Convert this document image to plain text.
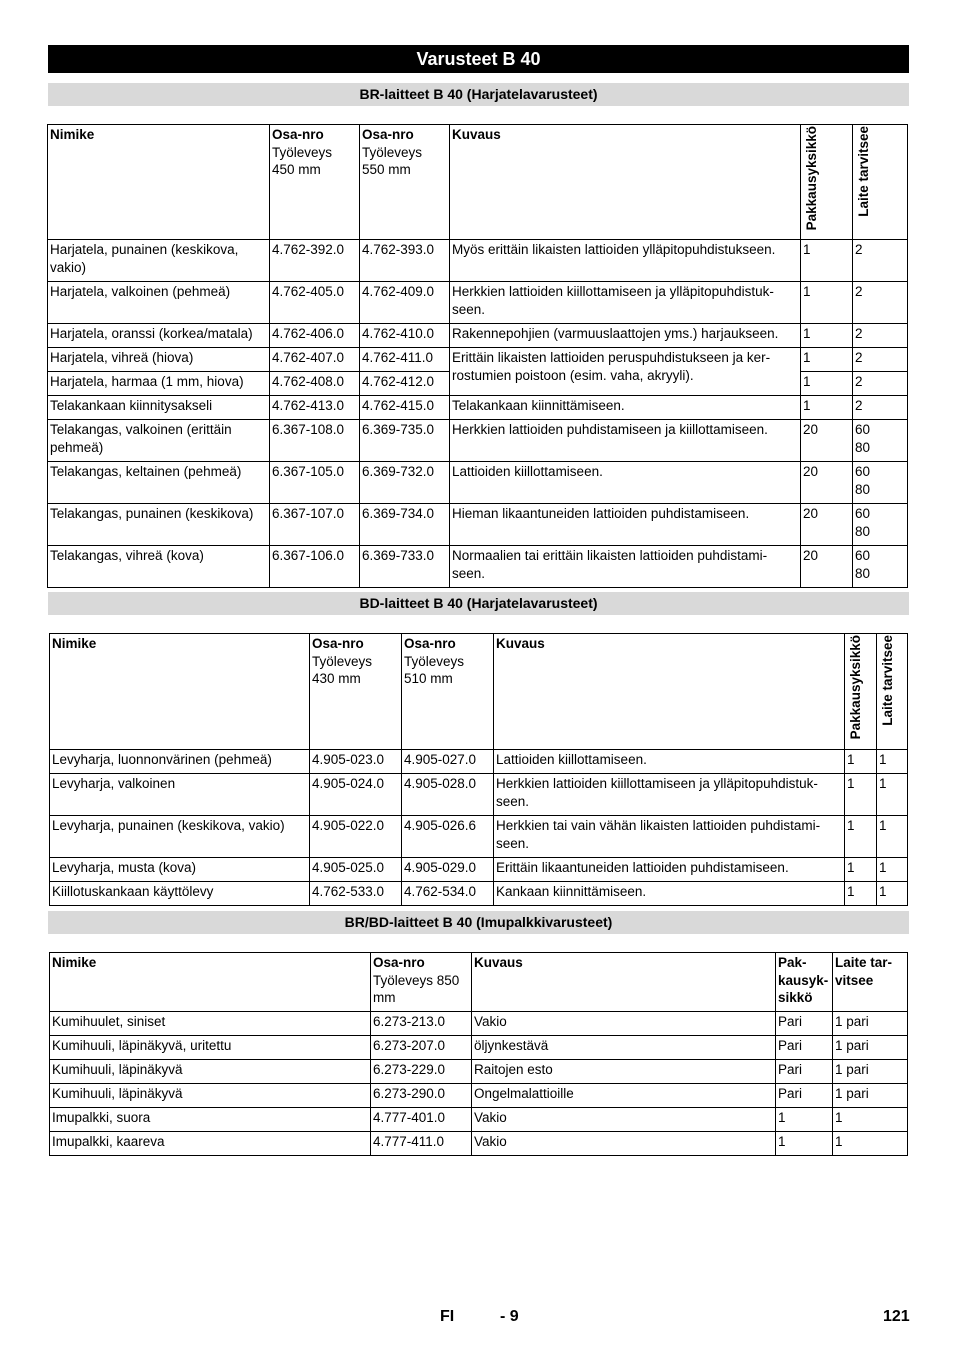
Varusteet B 40
BR-laitteet B 40 (Harjatelavarusteet)
Nimike	Osa-nro
Työleveys
450 mm	Osa-nro
Työleveys
550 mm	Kuvaus	Pakkausyksikkö	Laite tarvitsee
Harjatela, punainen (keskikova, vakio)	4.762-392.0	4.762-393.0	Myös erittäin likaisten lattioiden ylläpitopuhdistukseen.	1	2
Harjatela, valkoinen (pehmeä)	4.762-405.0	4.762-409.0	Herkkien lattioiden kiillottamiseen ja ylläpitopuhdistuk-
seen.	1	2
Harjatela, oranssi (korkea/matala)	4.762-406.0	4.762-410.0	Rakennepohjien (varmuuslaattojen yms.) harjaukseen.	1	2
Harjatela, vihreä (hiova)	4.762-407.0	4.762-411.0	Erittäin likaisten lattioiden peruspuhdistukseen ja ker-
rostumien poistoon (esim. vaha, akryyli).	1	2
Harjatela, harmaa (1 mm, hiova)	4.762-408.0	4.762-412.0		1	2
Telakankaan kiinnitysakseli	4.762-413.0	4.762-415.0	Telakankaan kiinnittämiseen.	1	2
Telakangas, valkoinen (erittäin pehmeä)	6.367-108.0	6.369-735.0	Herkkien lattioiden puhdistamiseen ja kiillottamiseen.	20	60
80
Telakangas, keltainen (pehmeä)	6.367-105.0	6.369-732.0	Lattioiden kiillottamiseen.	20	60
80
Telakangas, punainen (keskikova)	6.367-107.0	6.369-734.0	Hieman likaantuneiden lattioiden puhdistamiseen.	20	60
80
Telakangas, vihreä (kova)	6.367-106.0	6.369-733.0	Normaalien tai erittäin likaisten lattioiden puhdistami-
seen.	20	60
80
BD-laitteet B 40 (Harjatelavarusteet)
Nimike	Osa-nro
Työleveys
430 mm	Osa-nro
Työleveys
510 mm	Kuvaus	Pakkausyksikkö	Laite tarvitsee
Levyharja, luonnonvärinen (pehmeä)	4.905-023.0	4.905-027.0	Lattioiden kiillottamiseen.	1	1
Levyharja, valkoinen	4.905-024.0	4.905-028.0	Herkkien lattioiden kiillottamiseen ja ylläpitopuhdistuk-
seen.	1	1
Levyharja, punainen (keskikova, vakio)	4.905-022.0	4.905-026.6	Herkkien tai vain vähän likaisten lattioiden puhdistami-
seen.	1	1
Levyharja, musta (kova)	4.905-025.0	4.905-029.0	Erittäin likaantuneiden lattioiden puhdistamiseen.	1	1
Kiillotuskankaan käyttölevy	4.762-533.0	4.762-534.0	Kankaan kiinnittämiseen.	1	1
BR/BD-laitteet B 40 (Imupalkkivarusteet)
Nimike	Osa-nro
Työleveys 850
mm	Kuvaus	Pak-
kausyk-
sikkö	Laite tar-
vitsee
Kumihuulet, siniset	6.273-213.0	Vakio	Pari	1 pari
Kumihuuli, läpinäkyvä, uritettu	6.273-207.0	öljynkestävä	Pari	1 pari
Kumihuuli, läpinäkyvä	6.273-229.0	Raitojen esto	Pari	1 pari
Kumihuuli, läpinäkyvä	6.273-290.0	Ongelmalattioille	Pari	1 pari
Imupalkki, suora	4.777-401.0	Vakio	1	1
Imupalkki, kaareva	4.777-411.0	Vakio	1	1
FI	- 9	121
